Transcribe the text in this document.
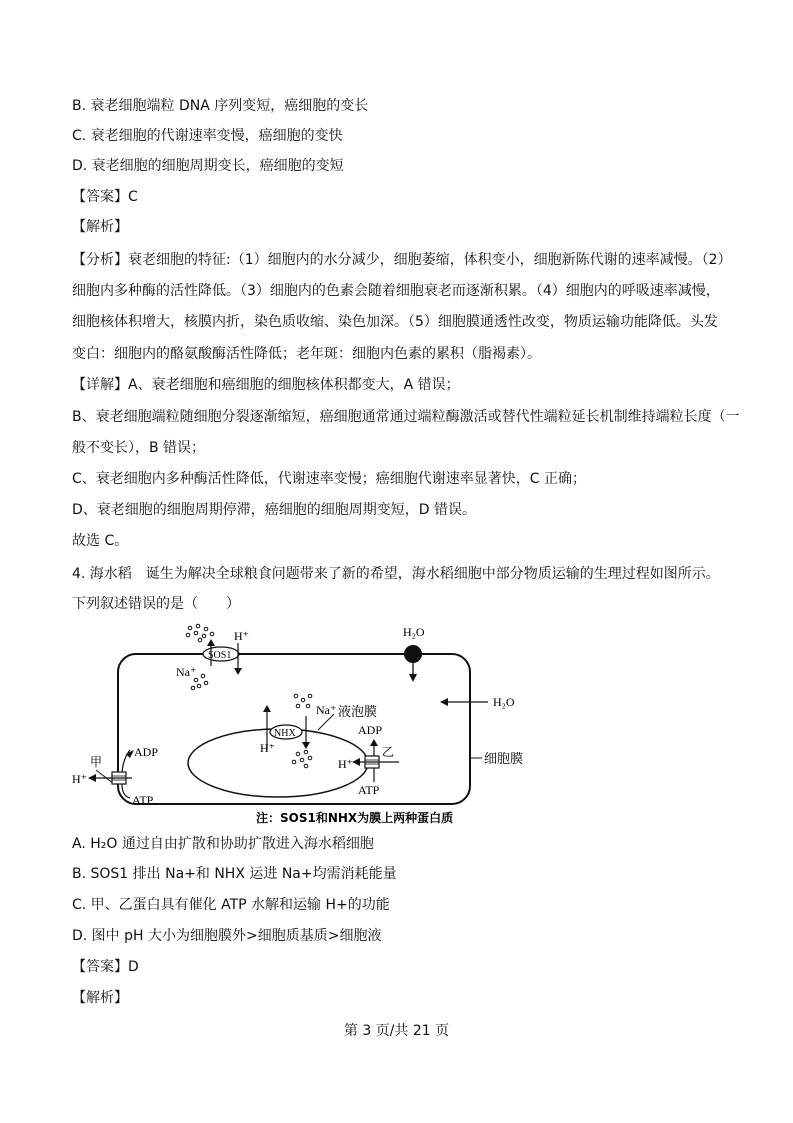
B. 衰老细胞端粒 DNA 序列变短，癌细胞的变长
C. 衰老细胞的代谢速率变慢，癌细胞的变快
D. 衰老细胞的细胞周期变长，癌细胞的变短
【答案】C
【解析】
【分析】衰老细胞的特征:（1）细胞内的水分减少，细胞萎缩，体积变小，细胞新陈代谢的速率减慢。（2）
细胞内多种酶的活性降低。（3）细胞内的色素会随着细胞衰老而逐渐积累。（4）细胞内的呼吸速率减慢，
细胞核体积增大，核膜内折，染色质收缩、染色加深。（5）细胞膜通透性改变，物质运输功能降低。头发
变白：细胞内的酪氨酸酶活性降低；老年斑：细胞内色素的累积（脂褐素）。
【详解】A、衰老细胞和癌细胞的细胞核体积都变大，A 错误；
B、衰老细胞端粒随细胞分裂逐渐缩短，癌细胞通常通过端粒酶激活或替代性端粒延长机制维持端粒长度（一
般不变长），B 错误；
C、衰老细胞内多种酶活性降低，代谢速率变慢；癌细胞代谢速率显著快，C 正确；
D、衰老细胞的细胞周期停滞，癌细胞的细胞周期变短，D 错误。
故选 C。
4. 海水稻　诞生为解决全球粮食问题带来了新的希望，海水稻细胞中部分物质运输的生理过程如图所示。
下列叙述错误的是（　　）
H₂O
SOS1
H⁺
Na⁺
H₂O
液泡膜
Na⁺
NHX
H⁺
ADP
乙
H⁺
ATP
细胞膜
甲
ADP
H⁺
ATP
注：SOS1和NHX为膜上两种蛋白质
A. H₂O 通过自由扩散和协助扩散进入海水稻细胞
B. SOS1 排出 Na+和 NHX 运进 Na+均需消耗能量
C. 甲、乙蛋白具有催化 ATP 水解和运输 H+的功能
D. 图中 pH 大小为细胞膜外>细胞质基质>细胞液
【答案】D
【解析】
第 3 页/共 21 页
